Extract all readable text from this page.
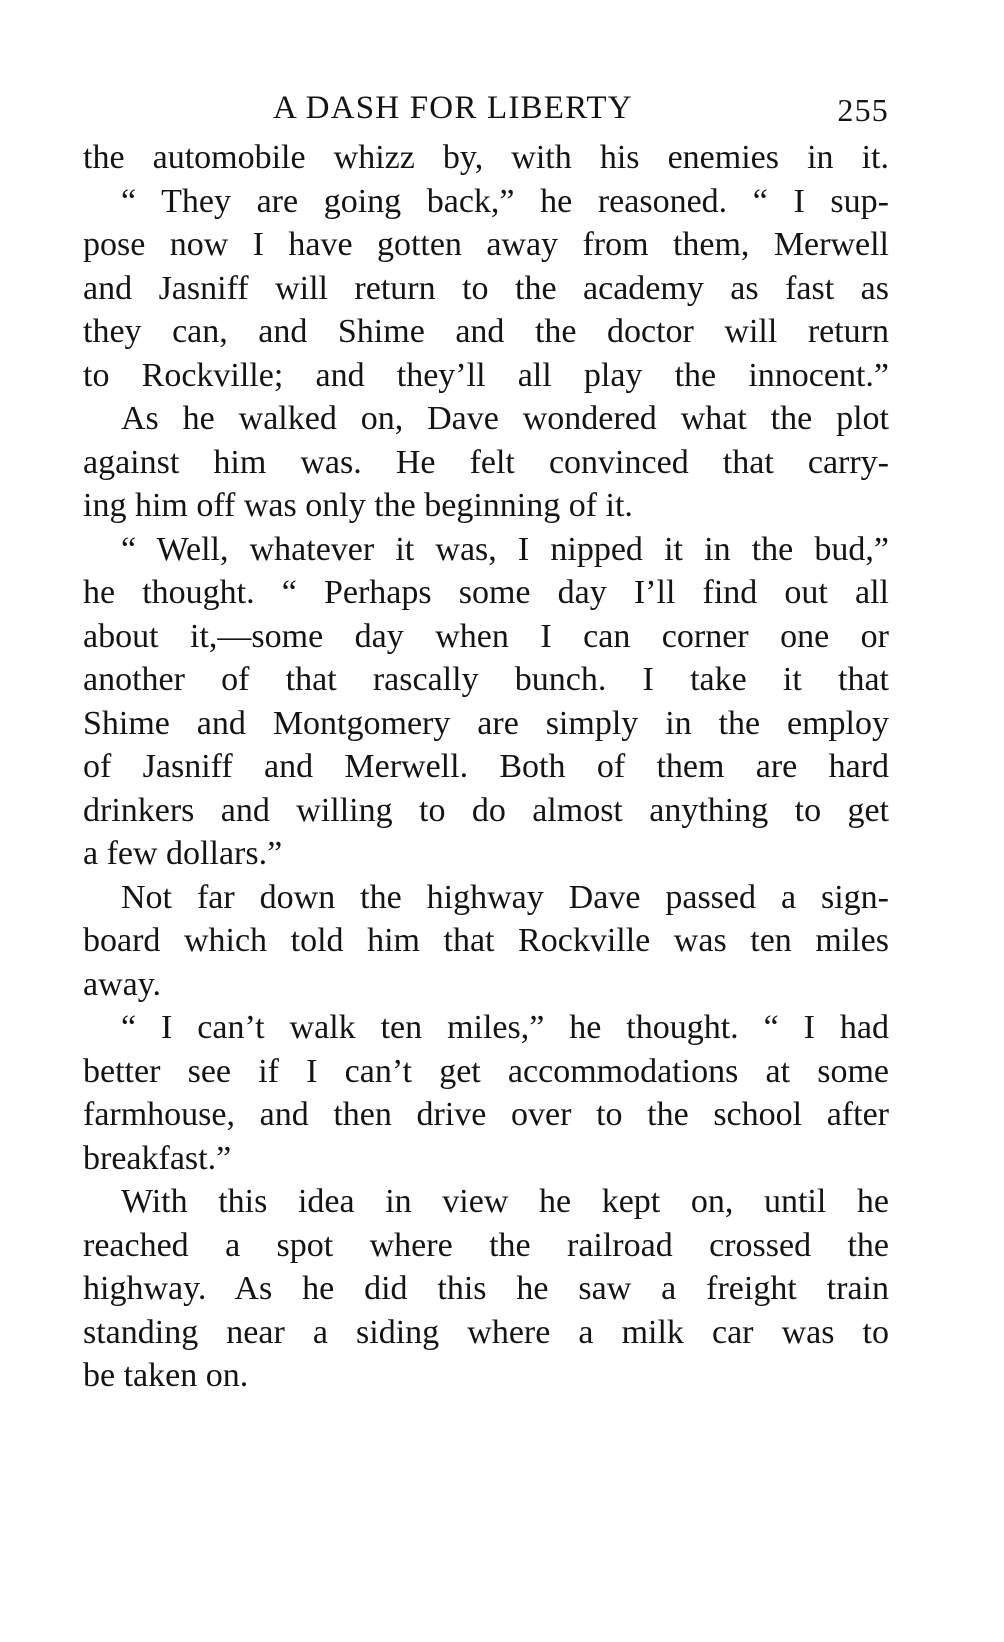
A DASH FOR LIBERTY	255
the automobile whizz by, with his enemies in it.
“ They are going back,” he reasoned. “ I sup-
pose now I have gotten away from them, Merwell
and Jasniff will return to the academy as fast as
they can, and Shime and the doctor will return
to Rockville; and they’ll all play the innocent.”
As he walked on, Dave wondered what the plot
against him was. He felt convinced that carry-
ing him off was only the beginning of it.
“ Well, whatever it was, I nipped it in the bud,”
he thought. “ Perhaps some day I’ll find out all
about it,—some day when I can corner one or
another of that rascally bunch. I take it that
Shime and Montgomery are simply in the employ
of Jasniff and Merwell. Both of them are hard
drinkers and willing to do almost anything to get
a few dollars.”
Not far down the highway Dave passed a sign-
board which told him that Rockville was ten miles
away.
“ I can’t walk ten miles,” he thought. “ I had
better see if I can’t get accommodations at some
farmhouse, and then drive over to the school after
breakfast.”
With this idea in view he kept on, until he
reached a spot where the railroad crossed the
highway. As he did this he saw a freight train
standing near a siding where a milk car was to
be taken on.
